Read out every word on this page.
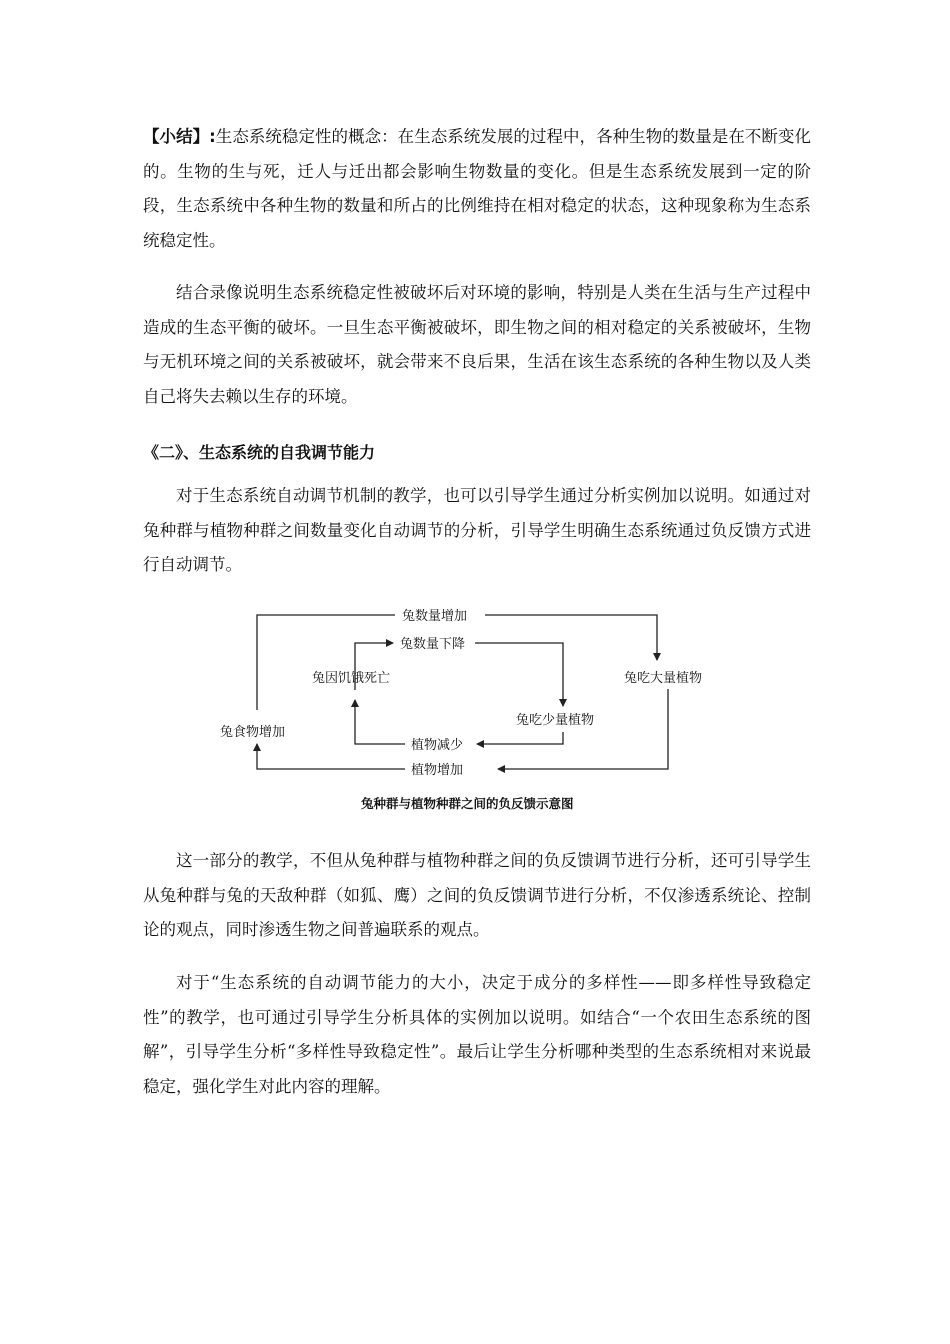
【小结】:生态系统稳定性的概念：在生态系统发展的过程中，各种生物的数量是在不断变化的。生物的生与死，迁人与迁出都会影响生物数量的变化。但是生态系统发展到一定的阶段，生态系统中各种生物的数量和所占的比例维持在相对稳定的状态，这种现象称为生态系统稳定性。

结合录像说明生态系统稳定性被破坏后对环境的影响，特别是人类在生活与生产过程中造成的生态平衡的破坏。一旦生态平衡被破坏，即生物之间的相对稳定的关系被破坏，生物与无机环境之间的关系被破坏，就会带来不良后果，生活在该生态系统的各种生物以及人类自己将失去赖以生存的环境。

《二》、生态系统的自我调节能力

对于生态系统自动调节机制的教学，也可以引导学生通过分析实例加以说明。如通过对兔种群与植物种群之间数量变化自动调节的分析，引导学生明确生态系统通过负反馈方式进行自动调节。

兔数量增加
兔数量下降
兔因饥饿死亡	兔吃大量植物
兔吃少量植物
兔食物增加
植物减少
植物增加
兔种群与植物种群之间的负反馈示意图

这一部分的教学，不但从兔种群与植物种群之间的负反馈调节进行分析，还可引导学生从兔种群与兔的天敌种群（如狐、鹰）之间的负反馈调节进行分析，不仅渗透系统论、控制论的观点，同时渗透生物之间普遍联系的观点。

对于“生态系统的自动调节能力的大小，决定于成分的多样性——即多样性导致稳定性”的教学，也可通过引导学生分析具体的实例加以说明。如结合“一个农田生态系统的图解”，引导学生分析“多样性导致稳定性”。最后让学生分析哪种类型的生态系统相对来说最稳定，强化学生对此内容的理解。
